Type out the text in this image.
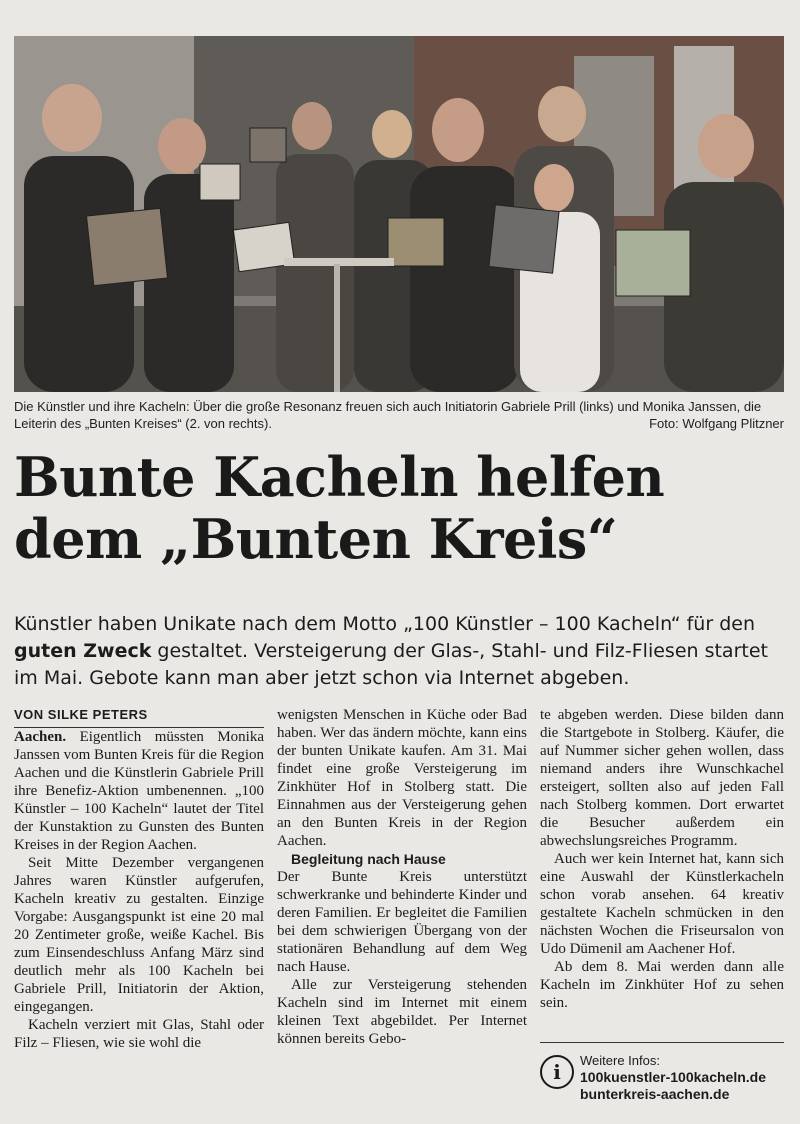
Die Künstler und ihre Kacheln: Über die große Resonanz freuen sich auch Initiatorin Gabriele Prill (links) und Monika Janssen, die Leiterin des „Bunten Kreises“ (2. von rechts).	Foto: Wolfgang Plitzner
Bunte Kacheln helfen
dem „Bunten Kreis“
Künstler haben Unikate nach dem Motto „100 Künstler – 100 Kacheln“ für den guten Zweck gestaltet. Versteigerung der Glas-, Stahl- und Filz-Fliesen startet im Mai. Gebote kann man aber jetzt schon via Internet abgeben.

VON SILKE PETERS

Aachen. Eigentlich müssten Monika Janssen vom Bunten Kreis für die Region Aachen und die Künstlerin Gabriele Prill ihre Benefiz-Aktion umbenennen. „100 Künstler – 100 Kacheln“ lautet der Titel der Kunstaktion zu Gunsten des Bunten Kreises in der Region Aachen.

Seit Mitte Dezember vergangenen Jahres waren Künstler aufgerufen, Kacheln kreativ zu gestalten. Einzige Vorgabe: Ausgangspunkt ist eine 20 mal 20 Zentimeter große, weiße Kachel. Bis zum Einsendeschluss Anfang März sind deutlich mehr als 100 Kacheln bei Gabriele Prill, Initiatorin der Aktion, eingegangen.

Kacheln verziert mit Glas, Stahl oder Filz – Fliesen, wie sie wohl die

wenigsten Menschen in Küche oder Bad haben. Wer das ändern möchte, kann eins der bunten Unikate kaufen. Am 31. Mai findet eine große Versteigerung im Zinkhüter Hof in Stolberg statt. Die Einnahmen aus der Versteigerung gehen an den Bunten Kreis in der Region Aachen.

Begleitung nach Hause

Der Bunte Kreis unterstützt schwerkranke und behinderte Kinder und deren Familien. Er begleitet die Familien bei dem schwierigen Übergang von der stationären Behandlung auf dem Weg nach Hause.

Alle zur Versteigerung stehenden Kacheln sind im Internet mit einem kleinen Text abgebildet. Per Internet können bereits Gebo-

te abgeben werden. Diese bilden dann die Startgebote in Stolberg. Käufer, die auf Nummer sicher gehen wollen, dass niemand anders ihre Wunschkachel ersteigert, sollten also auf jeden Fall nach Stolberg kommen. Dort erwartet die Besucher außerdem ein abwechslungsreiches Programm.

Auch wer kein Internet hat, kann sich eine Auswahl der Künstlerkacheln schon vorab ansehen. 64 kreativ gestaltete Kacheln schmücken in den nächsten Wochen die Friseursalon von Udo Dümenil am Aachener Hof.

Ab dem 8. Mai werden dann alle Kacheln im Zinkhüter Hof zu sehen sein.

i	Weitere Infos:
100kuenstler-100kacheln.de
bunterkreis-aachen.de
